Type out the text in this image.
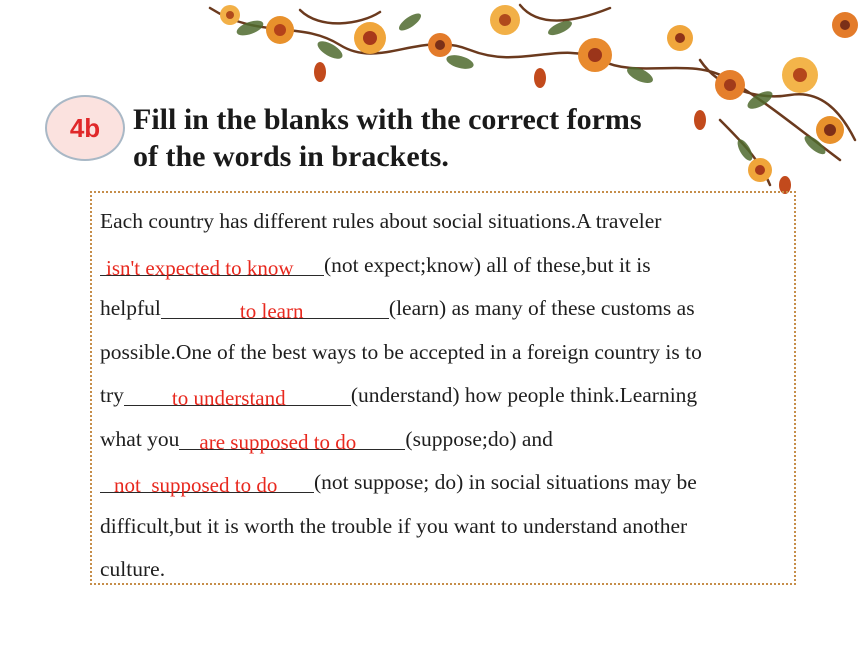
4b Fill in the blanks with the correct forms
of the words in brackets.
Each country has different rules about social situations.A traveler
isn't expected to know (not expect;know) all of these,but it is
helpful	to learn	(learn) as many of these customs as
possible.One of the best ways to be accepted in a foreign country is to
try to understand	(understand) how people think.Learning
what you are supposed to do (suppose;do) and
not  supposed to do (not suppose; do) in social situations may be
difficult,but it is worth the trouble if you want to understand another
culture.
